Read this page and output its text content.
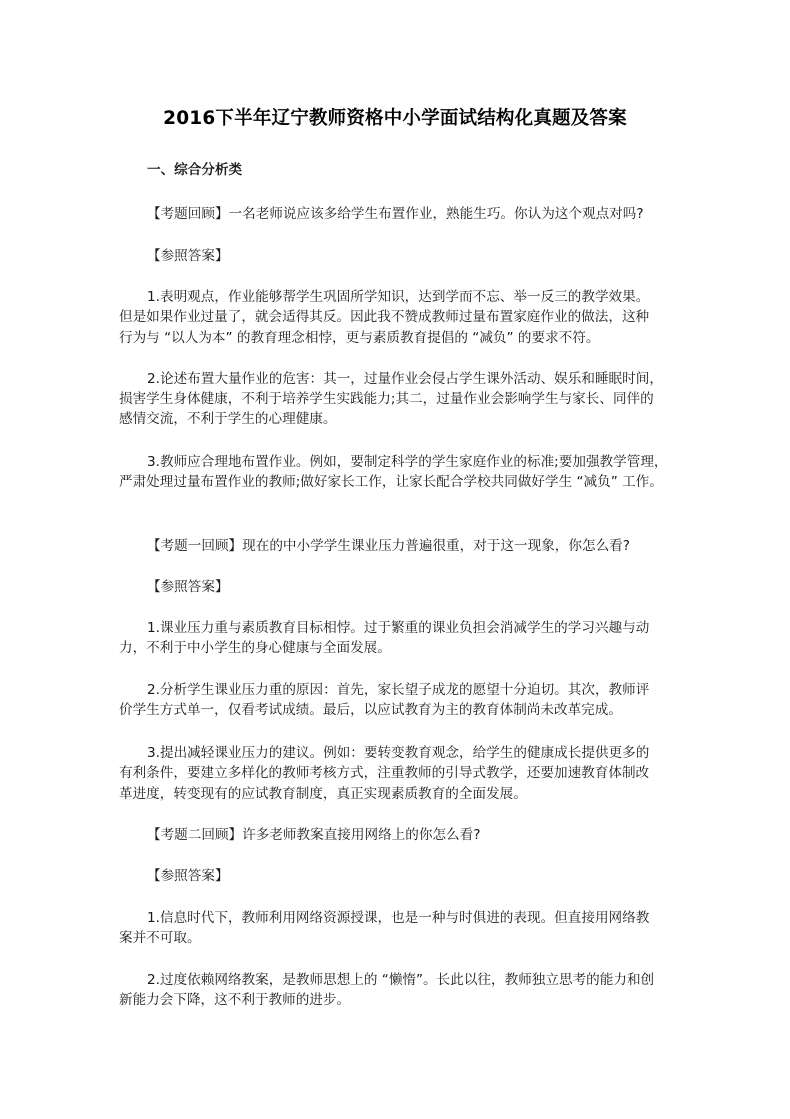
2016下半年辽宁教师资格中小学面试结构化真题及答案
一、综合分析类
【考题回顾】一名老师说应该多给学生布置作业，熟能生巧。你认为这个观点对吗?
【参照答案】
1.表明观点，作业能够帮学生巩固所学知识，达到学而不忘、举一反三的教学效果。
但是如果作业过量了，就会适得其反。因此我不赞成教师过量布置家庭作业的做法，这种
行为与 “以人为本” 的教育理念相悖，更与素质教育提倡的 “减负” 的要求不符。
2.论述布置大量作业的危害：其一，过量作业会侵占学生课外活动、娱乐和睡眠时间，
损害学生身体健康，不利于培养学生实践能力;其二，过量作业会影响学生与家长、同伴的
感情交流，不利于学生的心理健康。
3.教师应合理地布置作业。例如，要制定科学的学生家庭作业的标准;要加强教学管理，
严肃处理过量布置作业的教师;做好家长工作，让家长配合学校共同做好学生 “减负” 工作。
【考题一回顾】现在的中小学学生课业压力普遍很重，对于这一现象，你怎么看?
【参照答案】
1.课业压力重与素质教育目标相悖。过于繁重的课业负担会消减学生的学习兴趣与动
力，不利于中小学生的身心健康与全面发展。
2.分析学生课业压力重的原因：首先，家长望子成龙的愿望十分迫切。其次，教师评
价学生方式单一，仅看考试成绩。最后，以应试教育为主的教育体制尚未改革完成。
3.提出减轻课业压力的建议。例如：要转变教育观念，给学生的健康成长提供更多的
有利条件，要建立多样化的教师考核方式，注重教师的引导式教学，还要加速教育体制改
革进度，转变现有的应试教育制度，真正实现素质教育的全面发展。
【考题二回顾】许多老师教案直接用网络上的你怎么看?
【参照答案】
1.信息时代下，教师利用网络资源授课，也是一种与时俱进的表现。但直接用网络教
案并不可取。
2.过度依赖网络教案，是教师思想上的 “懒惰”。长此以往，教师独立思考的能力和创
新能力会下降，这不利于教师的进步。
